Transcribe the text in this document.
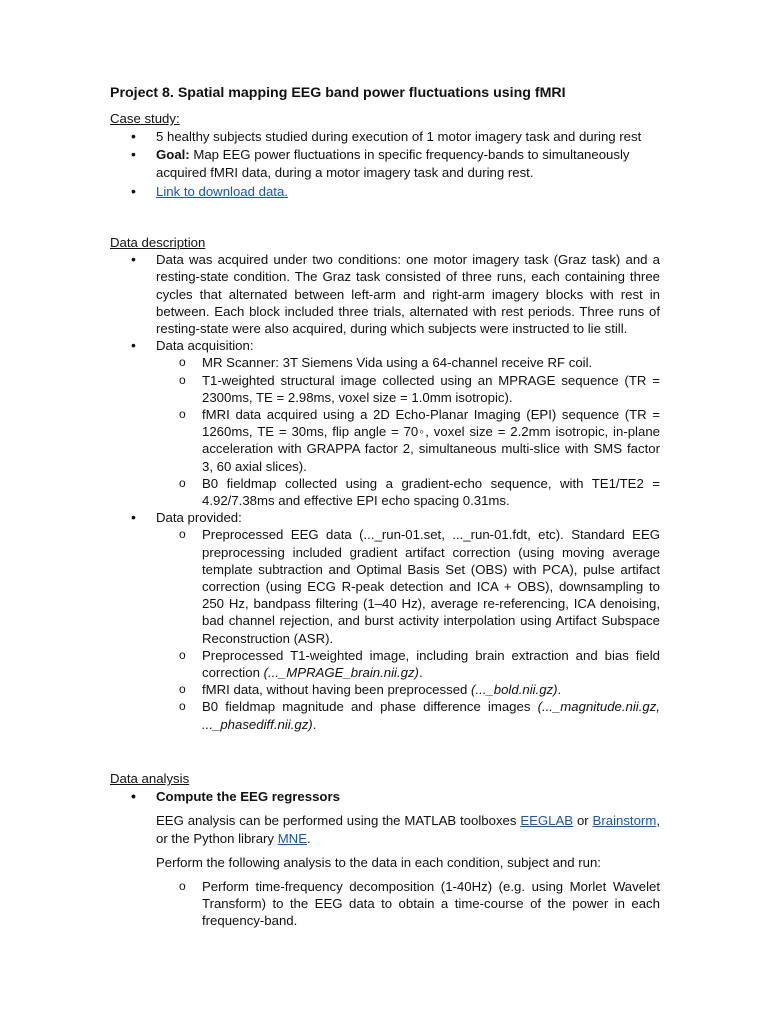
Project 8. Spatial mapping EEG band power fluctuations using fMRI

Case study:

• 5 healthy subjects studied during execution of 1 motor imagery task and during rest

• Goal: Map EEG power fluctuations in specific frequency-bands to simultaneously acquired fMRI data, during a motor imagery task and during rest.

• Link to download data.

Data description

• Data was acquired under two conditions: one motor imagery task (Graz task) and a resting-state condition. The Graz task consisted of three runs, each containing three cycles that alternated between left-arm and right-arm imagery blocks with rest in between. Each block included three trials, alternated with rest periods. Three runs of resting-state were also acquired, during which subjects were instructed to lie still.

• Data acquisition:

o MR Scanner: 3T Siemens Vida using a 64-channel receive RF coil.

o T1-weighted structural image collected using an MPRAGE sequence (TR = 2300ms, TE = 2.98ms, voxel size = 1.0mm isotropic).

o fMRI data acquired using a 2D Echo-Planar Imaging (EPI) sequence (TR = 1260ms, TE = 30ms, flip angle = 70◦, voxel size = 2.2mm isotropic, in-plane acceleration with GRAPPA factor 2, simultaneous multi-slice with SMS factor 3, 60 axial slices).

o B0 fieldmap collected using a gradient-echo sequence, with TE1/TE2 = 4.92/7.38ms and effective EPI echo spacing 0.31ms.

• Data provided:

o Preprocessed EEG data (..._run-01.set, ..._run-01.fdt, etc). Standard EEG preprocessing included gradient artifact correction (using moving average template subtraction and Optimal Basis Set (OBS) with PCA), pulse artifact correction (using ECG R-peak detection and ICA + OBS), downsampling to 250 Hz, bandpass filtering (1–40 Hz), average re-referencing, ICA denoising, bad channel rejection, and burst activity interpolation using Artifact Subspace Reconstruction (ASR).

o Preprocessed T1-weighted image, including brain extraction and bias field correction (..._MPRAGE_brain.nii.gz).

o fMRI data, without having been preprocessed (..._bold.nii.gz).

o B0 fieldmap magnitude and phase difference images (..._magnitude.nii.gz, ..._phasediff.nii.gz).

Data analysis

• Compute the EEG regressors

EEG analysis can be performed using the MATLAB toolboxes EEGLAB or Brainstorm, or the Python library MNE.

Perform the following analysis to the data in each condition, subject and run:

o Perform time-frequency decomposition (1-40Hz) (e.g. using Morlet Wavelet Transform) to the EEG data to obtain a time-course of the power in each frequency-band.
